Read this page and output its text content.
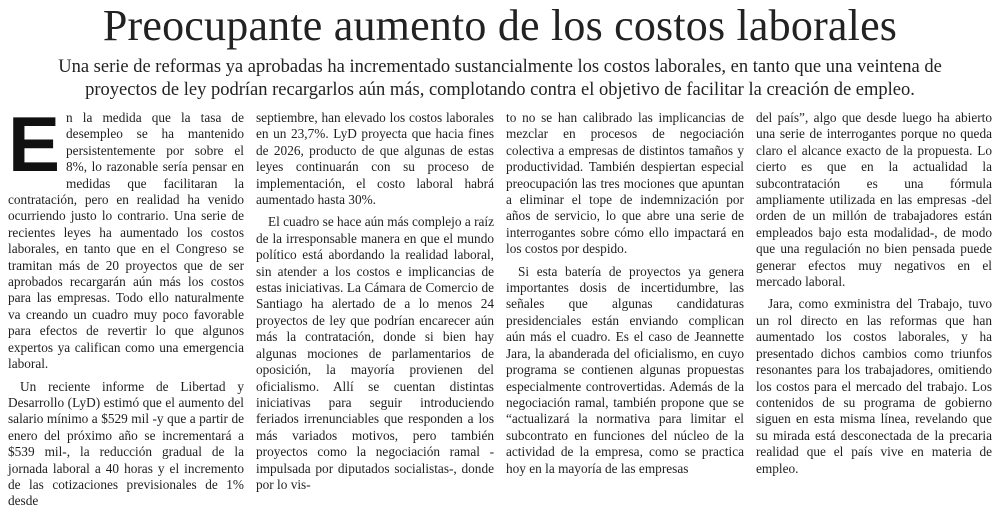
Preocupante aumento de los costos laborales

Una serie de reformas ya aprobadas ha incrementado sustancialmente los costos laborales, en tanto que una veintena de proyectos de ley podrían recargarlos aún más, complotando contra el objetivo de facilitar la creación de empleo.

En la medida que la tasa de desempleo se ha mantenido persistentemente por sobre el 8%, lo razonable sería pensar en medidas que facilitaran la contratación, pero en realidad ha venido ocurriendo justo lo contrario. Una serie de recientes leyes ha aumentado los costos laborales, en tanto que en el Congreso se tramitan más de 20 proyectos que de ser aprobados recargarán aún más los costos para las empresas. Todo ello naturalmente va creando un cuadro muy poco favorable para efectos de revertir lo que algunos expertos ya califican como una emergencia laboral.

Un reciente informe de Libertad y Desarrollo (LyD) estimó que el aumento del salario mínimo a $529 mil -y que a partir de enero del próximo año se incrementará a $539 mil-, la reducción gradual de la jornada laboral a 40 horas y el incremento de las cotizaciones previsionales de 1% desde

septiembre, han elevado los costos laborales en un 23,7%. LyD proyecta que hacia fines de 2026, producto de que algunas de estas leyes continuarán con su proceso de implementación, el costo laboral habrá aumentado hasta 30%.

El cuadro se hace aún más complejo a raíz de la irresponsable manera en que el mundo político está abordando la realidad laboral, sin atender a los costos e implicancias de estas iniciativas. La Cámara de Comercio de Santiago ha alertado de a lo menos 24 proyectos de ley que podrían encarecer aún más la contratación, donde si bien hay algunas mociones de parlamentarios de oposición, la mayoría provienen del oficialismo. Allí se cuentan distintas iniciativas para seguir introduciendo feriados irrenunciables que responden a los más variados motivos, pero también proyectos como la negociación ramal -impulsada por diputados socialistas-, donde por lo vis-

to no se han calibrado las implicancias de mezclar en procesos de negociación colectiva a empresas de distintos tamaños y productividad. También despiertan especial preocupación las tres mociones que apuntan a eliminar el tope de indemnización por años de servicio, lo que abre una serie de interrogantes sobre cómo ello impactará en los costos por despido.

Si esta batería de proyectos ya genera importantes dosis de incertidumbre, las señales que algunas candidaturas presidenciales están enviando complican aún más el cuadro. Es el caso de Jeannette Jara, la abanderada del oficialismo, en cuyo programa se contienen algunas propuestas especialmente controvertidas. Además de la negociación ramal, también propone que se “actualizará la normativa para limitar el subcontrato en funciones del núcleo de la actividad de la empresa, como se practica hoy en la mayoría de las empresas

del país”, algo que desde luego ha abierto una serie de interrogantes porque no queda claro el alcance exacto de la propuesta. Lo cierto es que en la actualidad la subcontratación es una fórmula ampliamente utilizada en las empresas -del orden de un millón de trabajadores están empleados bajo esta modalidad-, de modo que una regulación no bien pensada puede generar efectos muy negativos en el mercado laboral.

Jara, como exministra del Trabajo, tuvo un rol directo en las reformas que han aumentado los costos laborales, y ha presentado dichos cambios como triunfos resonantes para los trabajadores, omitiendo los costos para el mercado del trabajo. Los contenidos de su programa de gobierno siguen en esta misma línea, revelando que su mirada está desconectada de la precaria realidad que el país vive en materia de empleo.
